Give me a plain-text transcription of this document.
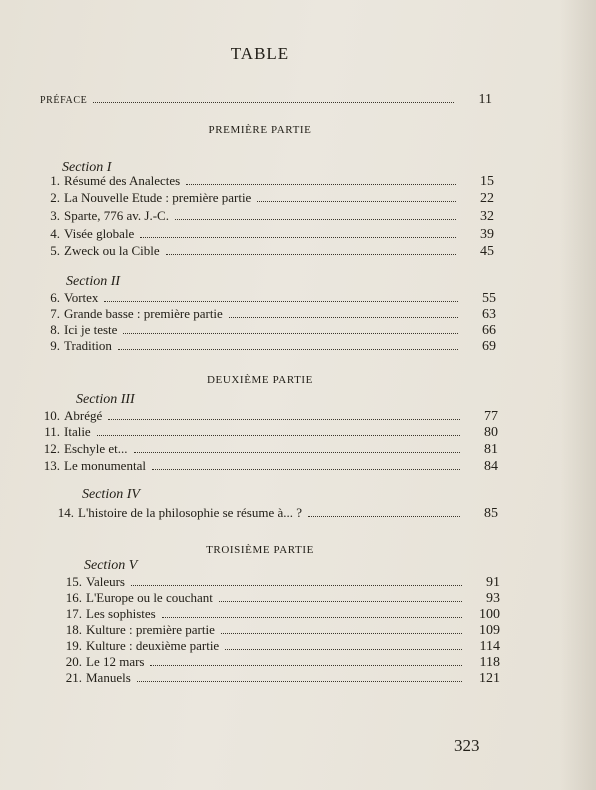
TABLE
PRÉFACE	11
PREMIÈRE PARTIE
Section I
1. Résumé des Analectes	15
2. La Nouvelle Etude : première partie	22
3. Sparte, 776 av. J.-C.	32
4. Visée globale	39
5. Zweck ou la Cible	45
Section II
6. Vortex	55
7. Grande basse : première partie	63
8. Ici je teste	66
9. Tradition	69
DEUXIÈME PARTIE
Section III
10. Abrégé	77
11. Italie	80
12. Eschyle et...	81
13. Le monumental	84
Section IV
14. L'histoire de la philosophie se résume à... ?	85
TROISIÈME PARTIE
Section V
15. Valeurs	91
16. L'Europe ou le couchant	93
17. Les sophistes	100
18. Kulture : première partie	109
19. Kulture : deuxième partie	114
20. Le 12 mars	118
21. Manuels	121
323
